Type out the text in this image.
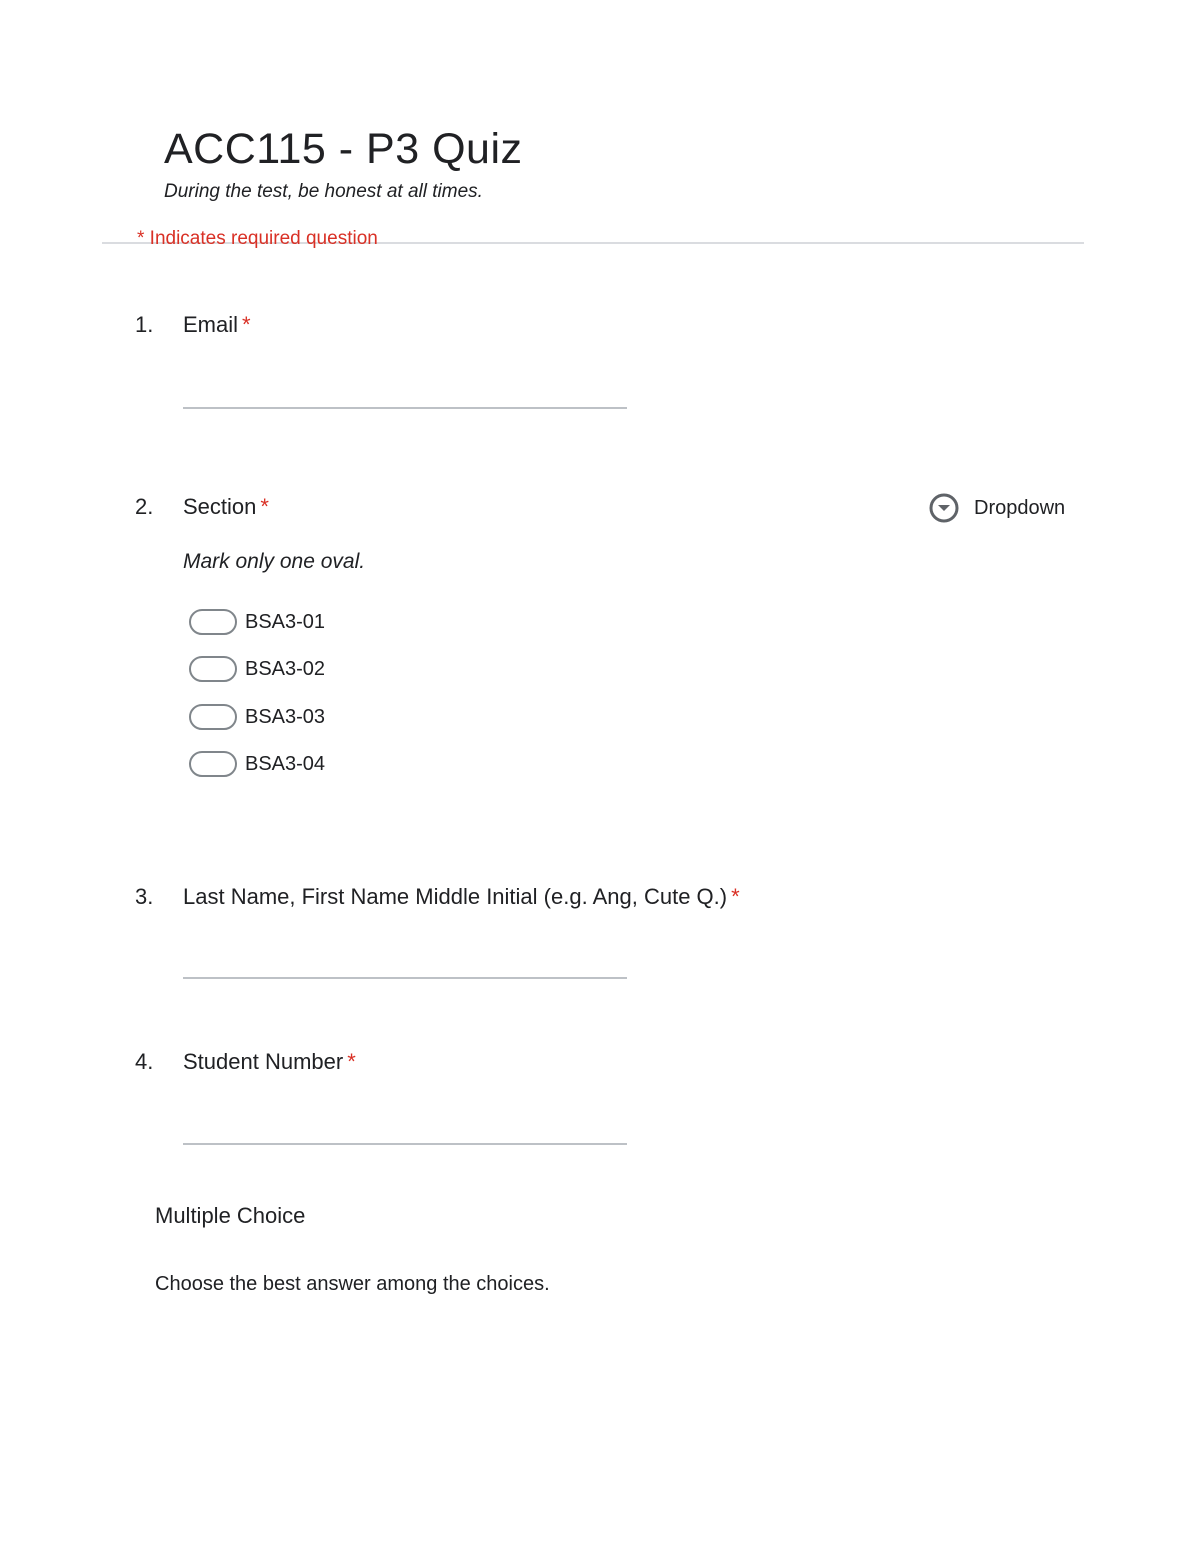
ACC115 - P3 Quiz
During the test, be honest at all times.
* Indicates required question
1. Email *
2. Section *	Dropdown
Mark only one oval.
BSA3-01
BSA3-02
BSA3-03
BSA3-04
3. Last Name, First Name Middle Initial (e.g. Ang, Cute Q.) *
4. Student Number *
Multiple Choice
Choose the best answer among the choices.
